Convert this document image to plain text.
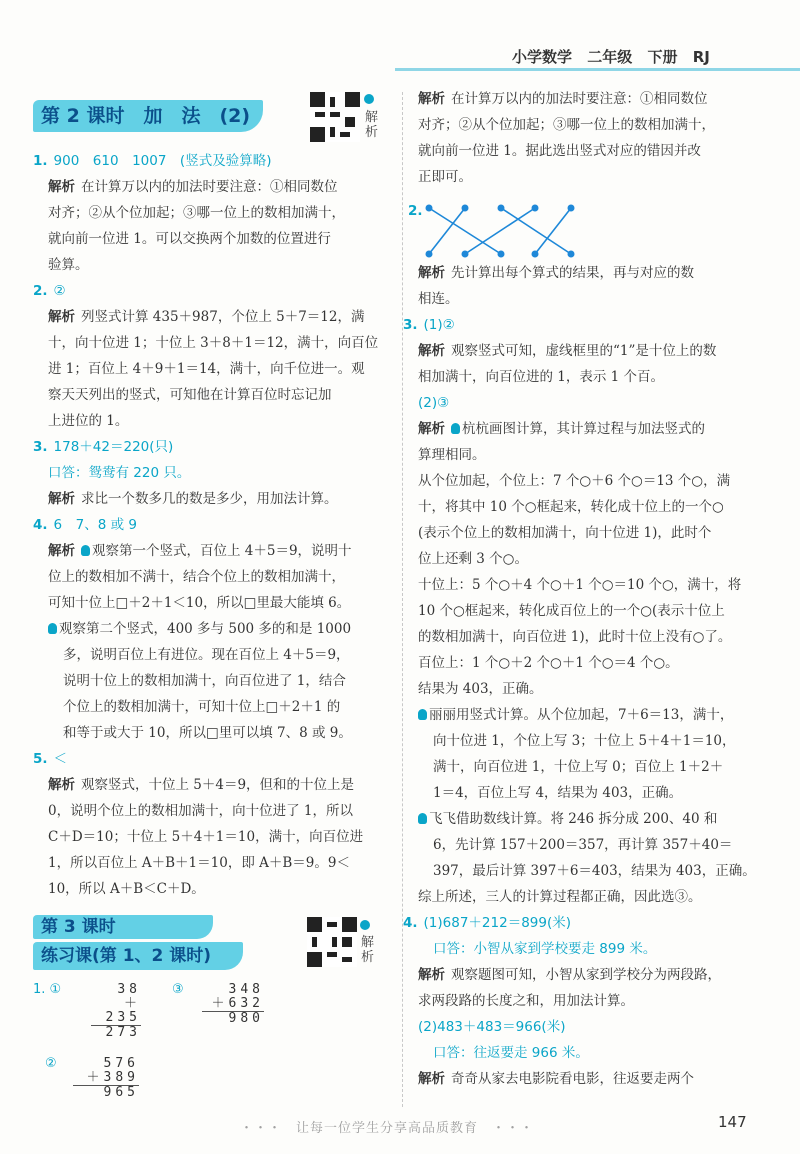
小学数学 二年级 下册 RJ
第 2 课时　加　法　(2)	解析

1. 900　610　1007　(竖式及验算略)

解析 在计算万以内的加法时要注意：①相同数位

对齐；②从个位加起；③哪一位上的数相加满十，

就向前一位进 1。可以交换两个加数的位置进行

验算。

2. ②

解析 列竖式计算 435＋987，个位上 5＋7＝12，满

十，向十位进 1；十位上 3＋8＋1＝12，满十，向百位

进 1；百位上 4＋9＋1＝14，满十，向千位进一。观

察天天列出的竖式，可知他在计算百位时忘记加

上进位的 1。

3. 178＋42＝220(只)

口答：鸳鸯有 220 只。

解析 求比一个数多几的数是多少，用加法计算。

4. 6　7、8 或 9

解析 观察第一个竖式，百位上 4＋5＝9，说明十

位上的数相加不满十，结合个位上的数相加满十，

可知十位上□＋2＋1＜10，所以□里最大能填 6。

观察第二个竖式，400 多与 500 多的和是 1000

多，说明百位上有进位。现在百位上 4＋5＝9，

说明十位上的数相加满十，向百位进了 1，结合

个位上的数相加满十，可知十位上□＋2＋1 的

和等于或大于 10，所以□里可以填 7、8 或 9。

5. ＜

解析 观察竖式，十位上 5＋4＝9，但和的十位上是

0，说明个位上的数相加满十，向十位进了 1，所以

C＋D＝10；十位上 5＋4＋1＝10，满十，向百位进

1，所以百位上 A＋B＋1＝10，即 A＋B＝9。9＜

10，所以 A＋B＜C＋D。

第 3 课时
练习课(第 1、2 课时)
解析
1. ①	38
＋235
273
③	348
＋632
980
②	576
＋389
965

解析 在计算万以内的加法时要注意：①相同数位

对齐；②从个位加起；③哪一位上的数相加满十，

就向前一位进 1。据此选出竖式对应的错因并改

正即可。

2.

解析 先计算出每个算式的结果，再与对应的数

相连。

3. (1)②

解析 观察竖式可知，虚线框里的“1”是十位上的数

相加满十，向百位进的 1，表示 1 个百。

(2)③

解析 杭杭画图计算，其计算过程与加法竖式的

算理相同。

从个位加起，个位上：7 个○＋6 个○＝13 个○，满

十，将其中 10 个○框起来，转化成十位上的一个○

(表示个位上的数相加满十，向十位进 1)，此时个

位上还剩 3 个○。

十位上：5 个○＋4 个○＋1 个○＝10 个○，满十，将

10 个○框起来，转化成百位上的一个○(表示十位上

的数相加满十，向百位进 1)，此时十位上没有○了。

百位上：1 个○＋2 个○＋1 个○＝4 个○。

结果为 403，正确。

丽丽用竖式计算。从个位加起，7＋6＝13，满十，

向十位进 1，个位上写 3；十位上 5＋4＋1＝10，

满十，向百位进 1，十位上写 0；百位上 1＋2＋

1＝4，百位上写 4，结果为 403，正确。

飞飞借助数线计算。将 246 拆分成 200、40 和

6，先计算 157＋200＝357，再计算 357＋40＝

397，最后计算 397＋6＝403，结果为 403，正确。

综上所述，三人的计算过程都正确，因此选③。

4. (1)687＋212＝899(米)

口答：小智从家到学校要走 899 米。

解析 观察题图可知，小智从家到学校分为两段路，

求两段路的长度之和，用加法计算。

(2)483＋483＝966(米)

口答：往返要走 966 米。

解析 奇奇从家去电影院看电影，往返要走两个

・・・　让每一位学生分享高品质教育　・・・	147
